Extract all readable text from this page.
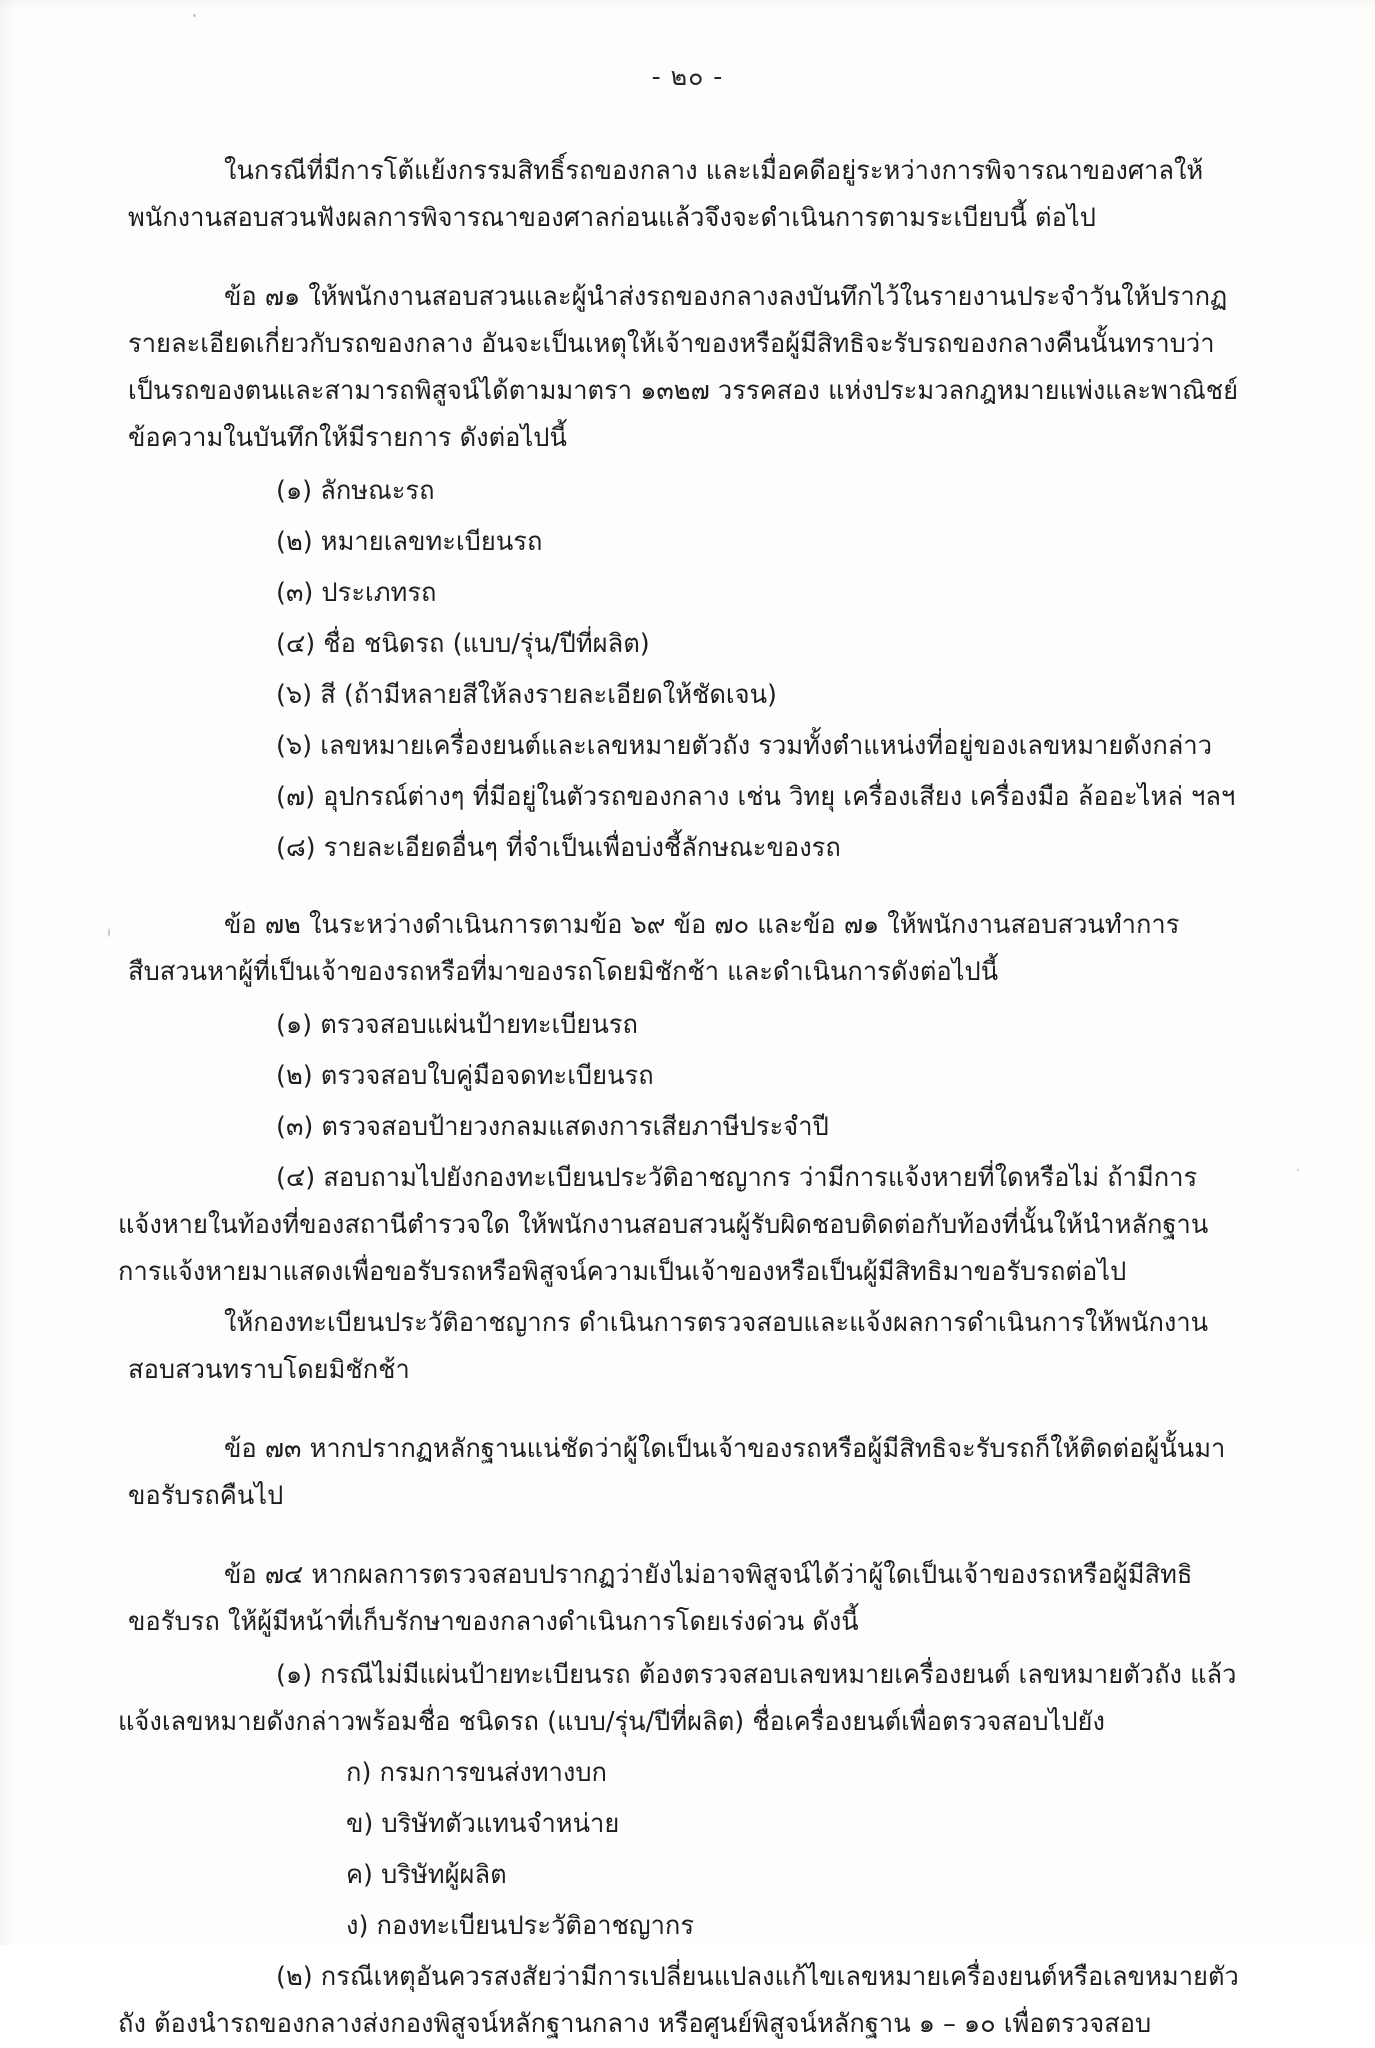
- ๒๐ -

ในกรณีที่มีการโต้แย้งกรรมสิทธิ์รถของกลาง และเมื่อคดีอยู่ระหว่างการพิจารณาของศาลให้พนักงานสอบสวนฟังผลการพิจารณาของศาลก่อนแล้วจึงจะดำเนินการตามระเบียบนี้ ต่อไป

ข้อ ๗๑ ให้พนักงานสอบสวนและผู้นำส่งรถของกลางลงบันทึกไว้ในรายงานประจำวันให้ปรากฏรายละเอียดเกี่ยวกับรถของกลาง อันจะเป็นเหตุให้เจ้าของหรือผู้มีสิทธิจะรับรถของกลางคืนนั้นทราบว่าเป็นรถของตนและสามารถพิสูจน์ได้ตามมาตรา ๑๓๒๗ วรรคสอง แห่งประมวลกฎหมายแพ่งและพาณิชย์ ข้อความในบันทึกให้มีรายการ ดังต่อไปนี้

(๑) ลักษณะรถ

(๒) หมายเลขทะเบียนรถ

(๓) ประเภทรถ

(๔) ชื่อ ชนิดรถ (แบบ/รุ่น/ปีที่ผลิต)

(๖) สี (ถ้ามีหลายสีให้ลงรายละเอียดให้ชัดเจน)

(๖) เลขหมายเครื่องยนต์และเลขหมายตัวถัง รวมทั้งตำแหน่งที่อยู่ของเลขหมายดังกล่าว

(๗) อุปกรณ์ต่างๆ ที่มีอยู่ในตัวรถของกลาง เช่น วิทยุ เครื่องเสียง เครื่องมือ ล้ออะไหล่ ฯลฯ

(๘) รายละเอียดอื่นๆ ที่จำเป็นเพื่อบ่งชี้ลักษณะของรถ

ข้อ ๗๒ ในระหว่างดำเนินการตามข้อ ๖๙ ข้อ ๗๐ และข้อ ๗๑ ให้พนักงานสอบสวนทำการสืบสวนหาผู้ที่เป็นเจ้าของรถหรือที่มาของรถโดยมิชักช้า และดำเนินการดังต่อไปนี้

(๑) ตรวจสอบแผ่นป้ายทะเบียนรถ

(๒) ตรวจสอบใบคู่มือจดทะเบียนรถ

(๓) ตรวจสอบป้ายวงกลมแสดงการเสียภาษีประจำปี

(๔) สอบถามไปยังกองทะเบียนประวัติอาชญากร ว่ามีการแจ้งหายที่ใดหรือไม่ ถ้ามีการแจ้งหายในท้องที่ของสถานีตำรวจใด ให้พนักงานสอบสวนผู้รับผิดชอบติดต่อกับท้องที่นั้นให้นำหลักฐานการแจ้งหายมาแสดงเพื่อขอรับรถหรือพิสูจน์ความเป็นเจ้าของหรือเป็นผู้มีสิทธิมาขอรับรถต่อไป

ให้กองทะเบียนประวัติอาชญากร ดำเนินการตรวจสอบและแจ้งผลการดำเนินการให้พนักงานสอบสวนทราบโดยมิชักช้า

ข้อ ๗๓ หากปรากฏหลักฐานแน่ชัดว่าผู้ใดเป็นเจ้าของรถหรือผู้มีสิทธิจะรับรถก็ให้ติดต่อผู้นั้นมาขอรับรถคืนไป

ข้อ ๗๔ หากผลการตรวจสอบปรากฏว่ายังไม่อาจพิสูจน์ได้ว่าผู้ใดเป็นเจ้าของรถหรือผู้มีสิทธิขอรับรถ ให้ผู้มีหน้าที่เก็บรักษาของกลางดำเนินการโดยเร่งด่วน ดังนี้

(๑) กรณีไม่มีแผ่นป้ายทะเบียนรถ ต้องตรวจสอบเลขหมายเครื่องยนต์ เลขหมายตัวถัง แล้วแจ้งเลขหมายดังกล่าวพร้อมชื่อ ชนิดรถ (แบบ/รุ่น/ปีที่ผลิต) ชื่อเครื่องยนต์เพื่อตรวจสอบไปยัง

ก) กรมการขนส่งทางบก

ข) บริษัทตัวแทนจำหน่าย

ค) บริษัทผู้ผลิต

ง) กองทะเบียนประวัติอาชญากร

(๒) กรณีเหตุอันควรสงสัยว่ามีการเปลี่ยนแปลงแก้ไขเลขหมายเครื่องยนต์หรือเลขหมายตัวถัง ต้องนำรถของกลางส่งกองพิสูจน์หลักฐานกลาง หรือศูนย์พิสูจน์หลักฐาน ๑ – ๑๐ เพื่อตรวจสอบ
